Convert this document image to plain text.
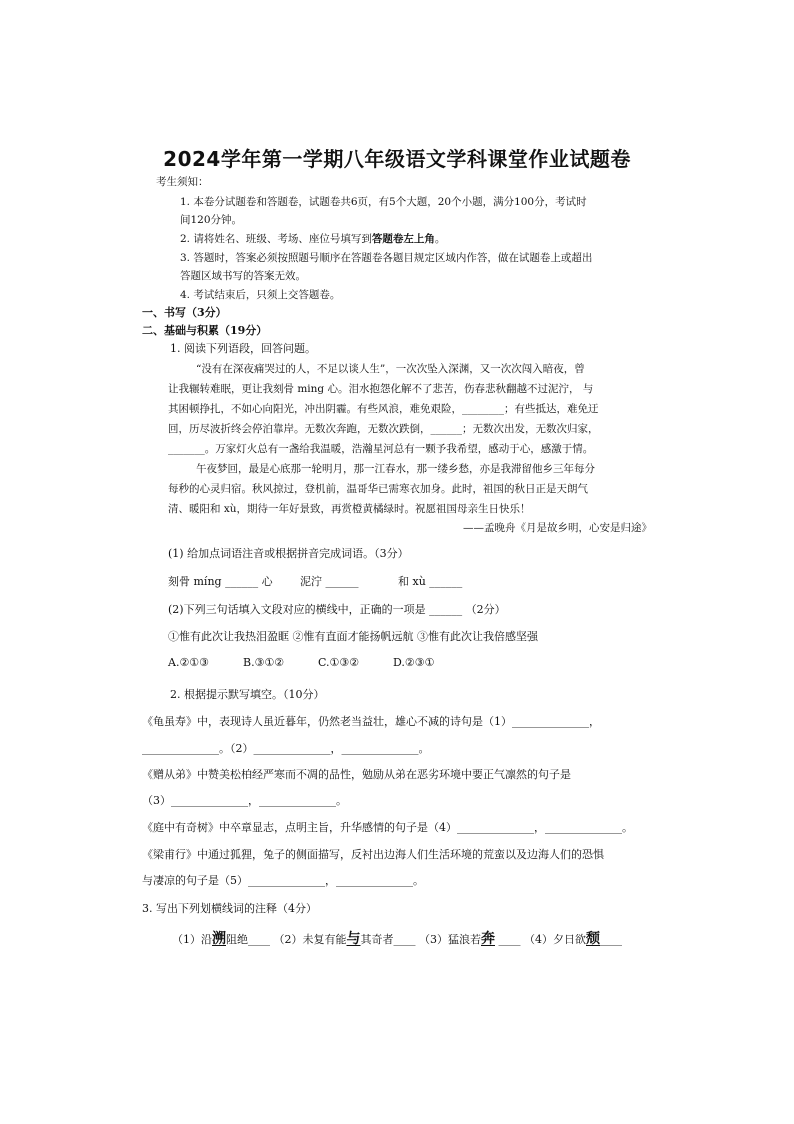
2024学年第一学期八年级语文学科课堂作业试题卷
考生须知：
1. 本卷分试题卷和答题卷，试题卷共6页，有5个大题，20个小题，满分100分，考试时
间120分钟。
2. 请将姓名、班级、考场、座位号填写到答题卷左上角。
3. 答题时，答案必须按照题号顺序在答题卷各题目规定区域内作答，做在试题卷上或超出
答题区域书写的答案无效。
4. 考试结束后，只须上交答题卷。
一、书写（3分）
二、基础与积累（19分）
1. 阅读下列语段，回答问题。
“没有在深夜痛哭过的人，不足以谈人生”，一次次坠入深渊，又一次次闯入暗夜，曾
让我辗转难眠，更让我刻骨 ming 心。泪水抱怨化解不了悲苦，伤春悲秋翻越不过泥泞， 与
其困顿挣扎，不如心向阳光，冲出阴霾。有些风浪，难免艰险，________；有些抵达，难免迂
回，历尽波折终会停泊靠岸。无数次奔跑，无数次跌倒，______；无数次出发，无数次归家，
_______。万家灯火总有一盏给我温暖，浩瀚星河总有一颗予我希望，感动于心，感激于情。
午夜梦回，最是心底那一轮明月，那一江春水，那一缕乡愁，亦是我滞留他乡三年每分
每秒的心灵归宿。秋风掠过，登机前，温哥华已需寒衣加身。此时，祖国的秋日正是天朗气
清、暖阳和 xù，期待一年好景致，再赏橙黄橘绿时。祝愿祖国母亲生日快乐！
——孟晚舟《月是故乡明，心安是归途》
(1) 给加点词语注音或根据拼音完成词语。（3分）
刻骨 míng ______ 心 泥泞 ______	和 xù ______
(2)下列三句话填入文段对应的横线中，正确的一项是 ______ （2分）
①惟有此次让我热泪盈眶 ②惟有直面才能扬帆远航 ③惟有此次让我倍感坚强
A.②①③	B.③①②	C.①③②	D.②③①
2. 根据提示默写填空。（10分）
《龟虽寿》中，表现诗人虽近暮年，仍然老当益壮，雄心不减的诗句是（1）______________，
______________。（2）______________，______________。
《赠从弟》中赞美松柏经严寒而不凋的品性，勉励从弟在恶劣环境中要正气凛然的句子是
（3）______________，______________。
《庭中有奇树》中卒章显志，点明主旨，升华感情的句子是（4）______________，______________。
《梁甫行》中通过狐狸，兔子的侧面描写，反衬出边海人们生活环境的荒蛮以及边海人们的恐惧
与凄凉的句子是（5）______________，______________。
3. 写出下列划横线词的注释（4分）
（1）沿溯阻绝____ （2）未复有能与其奇者____ （3）猛浪若奔 ____ （4）夕日欲颓____
